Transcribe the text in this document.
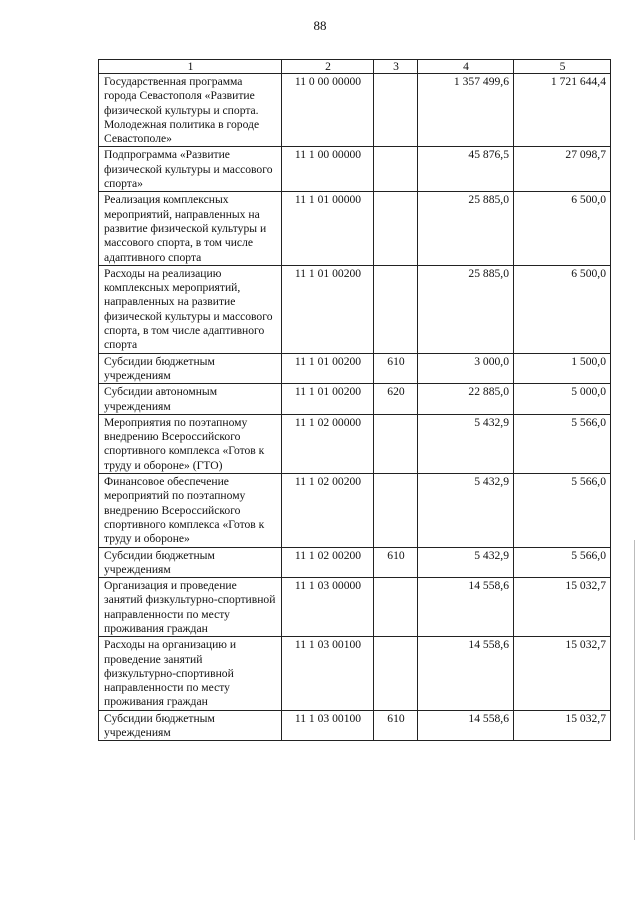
88
1	2	3	4	5
Государственная программа города Севастополя «Развитие физической культуры и спорта. Молодежная политика в городе Севастополе»	11 0 00 00000		1 357 499,6	1 721 644,4
Подпрограмма «Развитие физической культуры и массового спорта»	11 1 00 00000		45 876,5	27 098,7
Реализация комплексных мероприятий, направленных на развитие физической культуры и массового спорта, в том числе адаптивного спорта	11 1 01 00000		25 885,0	6 500,0
Расходы на реализацию комплексных мероприятий, направленных на развитие физической культуры и массового спорта, в том числе адаптивного спорта	11 1 01 00200		25 885,0	6 500,0
Субсидии бюджетным учреждениям	11 1 01 00200	610	3 000,0	1 500,0
Субсидии автономным учреждениям	11 1 01 00200	620	22 885,0	5 000,0
Мероприятия по поэтапному внедрению Всероссийского спортивного комплекса «Готов к труду и обороне» (ГТО)	11 1 02 00000		5 432,9	5 566,0
Финансовое обеспечение мероприятий по поэтапному внедрению Всероссийского спортивного комплекса «Готов к труду и обороне»	11 1 02 00200		5 432,9	5 566,0
Субсидии бюджетным учреждениям	11 1 02 00200	610	5 432,9	5 566,0
Организация и проведение занятий физкультурно-спортивной направленности по месту проживания граждан	11 1 03 00000		14 558,6	15 032,7
Расходы на организацию и проведение занятий физкультурно-спортивной направленности по месту проживания граждан	11 1 03 00100		14 558,6	15 032,7
Субсидии бюджетным учреждениям	11 1 03 00100	610	14 558,6	15 032,7
